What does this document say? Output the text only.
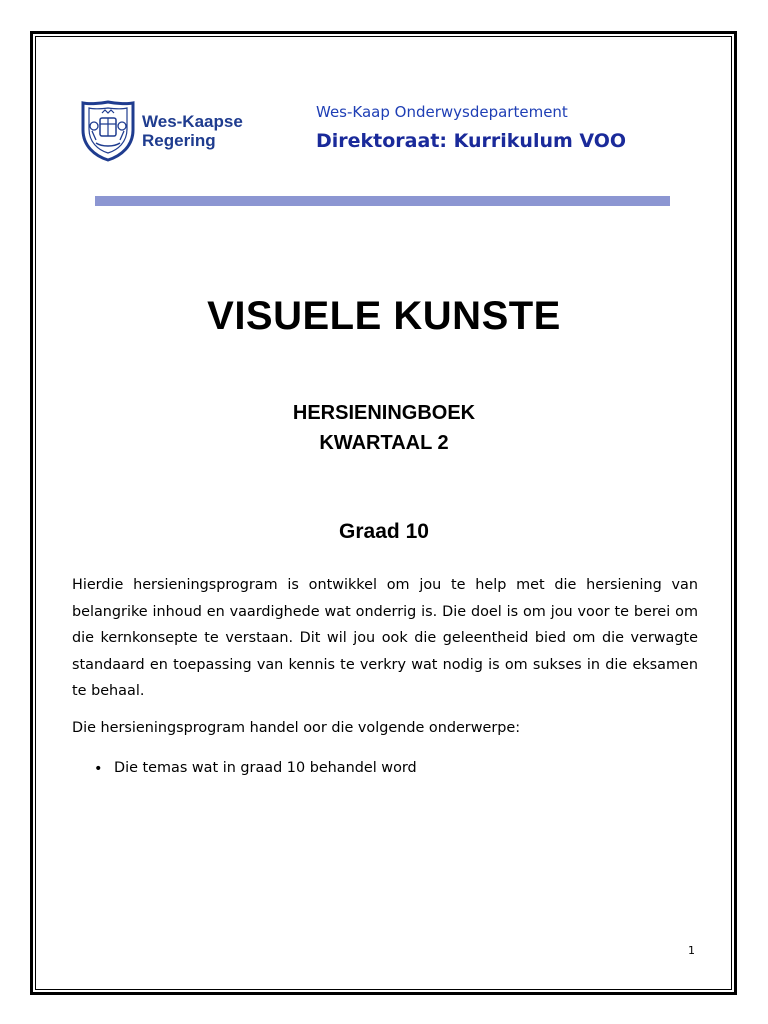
Wes-Kaapse
Regering
Wes-Kaap Onderwysdepartement
Direktoraat: Kurrikulum VOO
VISUELE KUNSTE
HERSIENINGBOEK
KWARTAAL 2
Graad 10

Hierdie hersieningsprogram is ontwikkel om jou te help met die hersiening van belangrike inhoud en vaardighede wat onderrig is. Die doel is om jou voor te berei om die kernkonsepte te verstaan. Dit wil jou ook die geleentheid bied om die verwagte standaard en toepassing van kennis te verkry wat nodig is om sukses in die eksamen te behaal.

Die hersieningsprogram handel oor die volgende onderwerpe:

• Die temas wat in graad 10 behandel word
1
